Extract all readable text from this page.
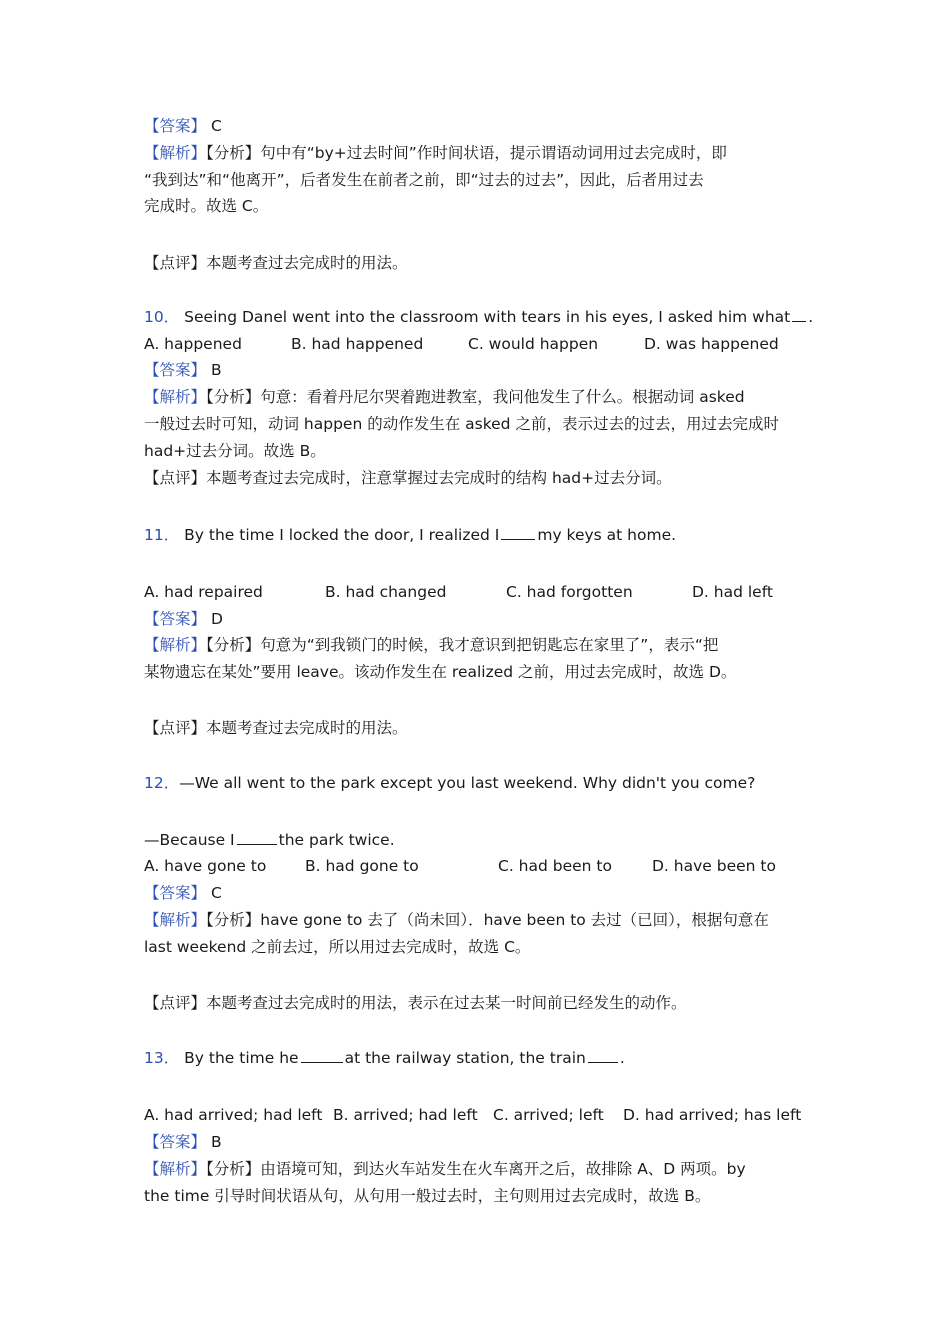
【答案】 C
【解析】【分析】句中有“by+过去时间”作时间状语，提示谓语动词用过去完成时，即
“我到达”和“他离开”，后者发生在前者之前，即“过去的过去”，因此，后者用过去
完成时。故选 C。
【点评】本题考查过去完成时的用法。
10． Seeing Danel went into the classroom with tears in his eyes, I asked him what .
A. happened	B. had happened	C. would happen	D. was happened
【答案】 B
【解析】【分析】句意：看着丹尼尔哭着跑进教室，我问他发生了什么。根据动词 asked
一般过去时可知，动词 happen 的动作发生在 asked 之前，表示过去的过去，用过去完成时
had+过去分词。故选 B。
【点评】本题考查过去完成时，注意掌握过去完成时的结构 had+过去分词。
11． By the time I locked the door, I realized I my keys at home.
A. had repaired	B. had changed	C. had forgotten	D. had left
【答案】 D
【解析】【分析】句意为“到我锁门的时候，我才意识到把钥匙忘在家里了”，表示“把
某物遗忘在某处”要用 leave。该动作发生在 realized 之前，用过去完成时，故选 D。
【点评】本题考查过去完成时的用法。
12．—We all went to the park except you last weekend. Why didn't you come?
—Because I	the park twice.
A. have gone to B. had gone to	C. had been to	D. have been to
【答案】 C
【解析】【分析】have gone to 去了（尚未回）．have been to 去过（已回），根据句意在
last weekend 之前去过，所以用过去完成时，故选 C。
【点评】本题考查过去完成时的用法，表示在过去某一时间前已经发生的动作。
13． By the time he	at the railway station, the train .
A. had arrived; had left B. arrived; had left C. arrived; left D. had arrived; has left
【答案】 B
【解析】【分析】由语境可知，到达火车站发生在火车离开之后，故排除 A、D 两项。by
the time 引导时间状语从句，从句用一般过去时，主句则用过去完成时，故选 B。
